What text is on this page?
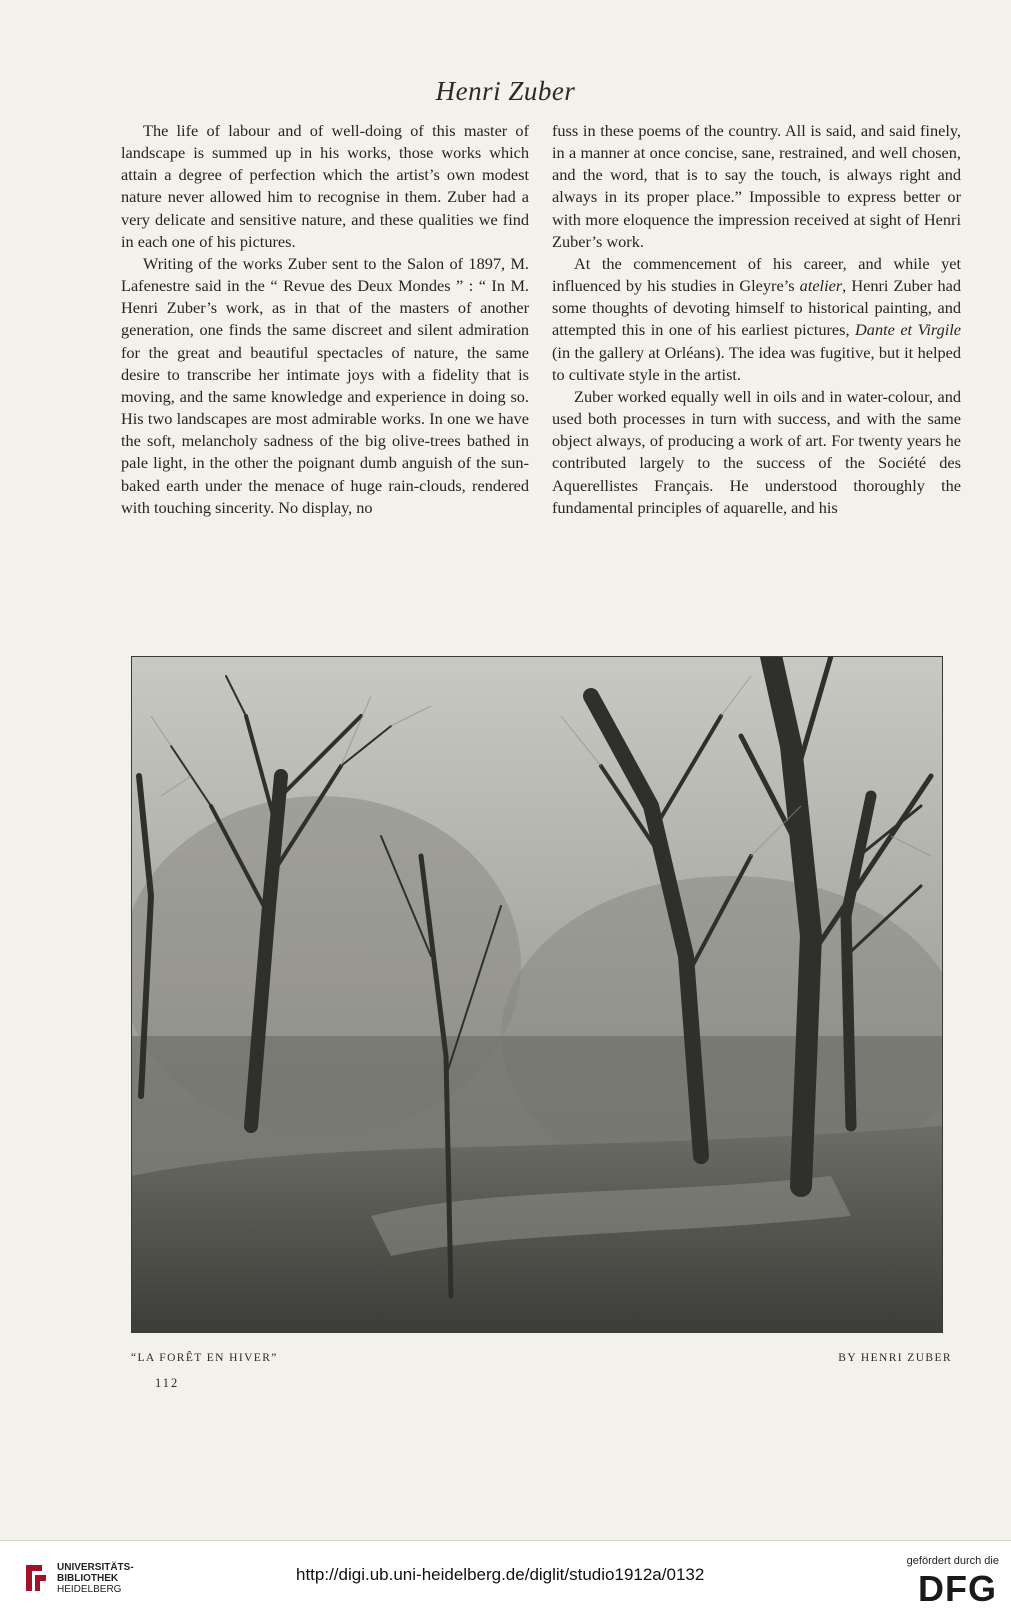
Henri Zuber

The life of labour and of well-doing of this master of landscape is summed up in his works, those works which attain a degree of perfection which the artist’s own modest nature never allowed him to recognise in them. Zuber had a very delicate and sensitive nature, and these qualities we find in each one of his pictures.

Writing of the works Zuber sent to the Salon of 1897, M. Lafenestre said in the “ Revue des Deux Mondes ” : “ In M. Henri Zuber’s work, as in that of the masters of another generation, one finds the same discreet and silent admiration for the great and beautiful spectacles of nature, the same desire to transcribe her intimate joys with a fidelity that is moving, and the same knowledge and experience in doing so. His two landscapes are most admirable works. In one we have the soft, melancholy sadness of the big olive-trees bathed in pale light, in the other the poignant dumb anguish of the sun-baked earth under the menace of huge rain-clouds, rendered with touching sincerity. No display, no

fuss in these poems of the country. All is said, and said finely, in a manner at once concise, sane, restrained, and well chosen, and the word, that is to say the touch, is always right and always in its proper place.” Impossible to express better or with more eloquence the impression received at sight of Henri Zuber’s work.

At the commencement of his career, and while yet influenced by his studies in Gleyre’s atelier, Henri Zuber had some thoughts of devoting himself to historical painting, and attempted this in one of his earliest pictures, Dante et Virgile (in the gallery at Orléans). The idea was fugitive, but it helped to cultivate style in the artist.

Zuber worked equally well in oils and in water-colour, and used both processes in turn with success, and with the same object always, of producing a work of art. For twenty years he contributed largely to the success of the Société des Aquerellistes Français. He understood thoroughly the fundamental principles of aquarelle, and his

“LA FORÊT EN HIVER”	BY HENRI ZUBER
112
UNIVERSITÄTS-
BIBLIOTHEK
HEIDELBERG
http://digi.ub.uni-heidelberg.de/diglit/studio1912a/0132
gefördert durch die
DFG
